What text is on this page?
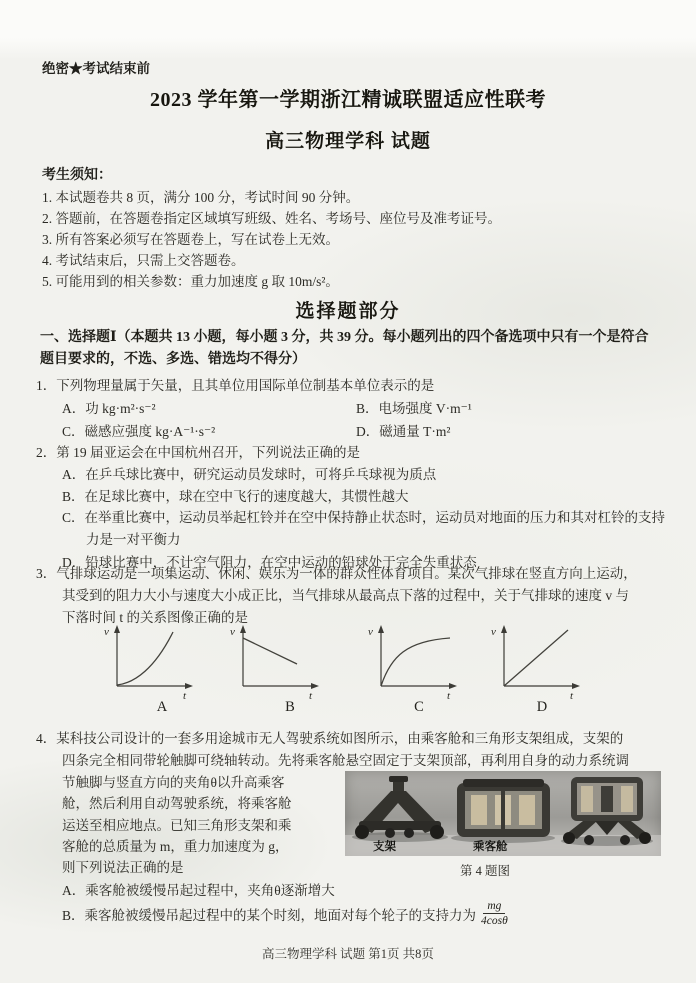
绝密★考试结束前
2023 学年第一学期浙江精诚联盟适应性联考
高三物理学科 试题
考生须知：
1. 本试题卷共 8 页，满分 100 分，考试时间 90 分钟。
2. 答题前，在答题卷指定区域填写班级、姓名、考场号、座位号及准考证号。
3. 所有答案必须写在答题卷上，写在试卷上无效。
4. 考试结束后，只需上交答题卷。
5. 可能用到的相关参数：重力加速度 g 取 10m/s²。
选择题部分
一、选择题Ⅰ（本题共 13 小题，每小题 3 分，共 39 分。每小题列出的四个备选项中只有一个是符合
题目要求的，不选、多选、错选均不得分）
1．下列物理量属于矢量，且其单位用国际单位制基本单位表示的是
A．功 kg·m²·s⁻²	B．电场强度 V·m⁻¹
C．磁感应强度 kg·A⁻¹·s⁻²	D．磁通量 T·m²
2．第 19 届亚运会在中国杭州召开，下列说法正确的是
A．在乒乓球比赛中，研究运动员发球时，可将乒乓球视为质点
B．在足球比赛中，球在空中飞行的速度越大，其惯性越大
C．在举重比赛中，运动员举起杠铃并在空中保持静止状态时，运动员对地面的压力和其对杠铃的支持力是一对平衡力
D．铅球比赛中，不计空气阻力，在空中运动的铅球处于完全失重状态
3．气排球运动是一项集运动、休闲、娱乐为一体的群众性体育项目。某次气排球在竖直方向上运动，
其受到的阻力大小与速度大小成正比，当气排球从最高点下落的过程中，关于气排球的速度 v 与
下落时间 t 的关系图像正确的是
v
t
v
t
v
t
v
t
A	B	C	D
4．某科技公司设计的一套多用途城市无人驾驶系统如图所示，由乘客舱和三角形支架组成，支架的
四条完全相同带轮触脚可绕轴转动。先将乘客舱悬空固定于支架顶部，再利用自身的动力系统调
节触脚与竖直方向的夹角θ以升高乘客
舱，然后利用自动驾驶系统，将乘客舱
运送至相应地点。已知三角形支架和乘
客舱的总质量为 m，重力加速度为 g，
则下列说法正确的是
支架	乘客舱
第 4 题图
A．乘客舱被缓慢吊起过程中，夹角θ逐渐增大
B．乘客舱被缓慢吊起过程中的某个时刻，地面对每个轮子的支持力为 $\frac{mg}{4\cos\theta}$
高三物理学科 试题 第1页 共8页
